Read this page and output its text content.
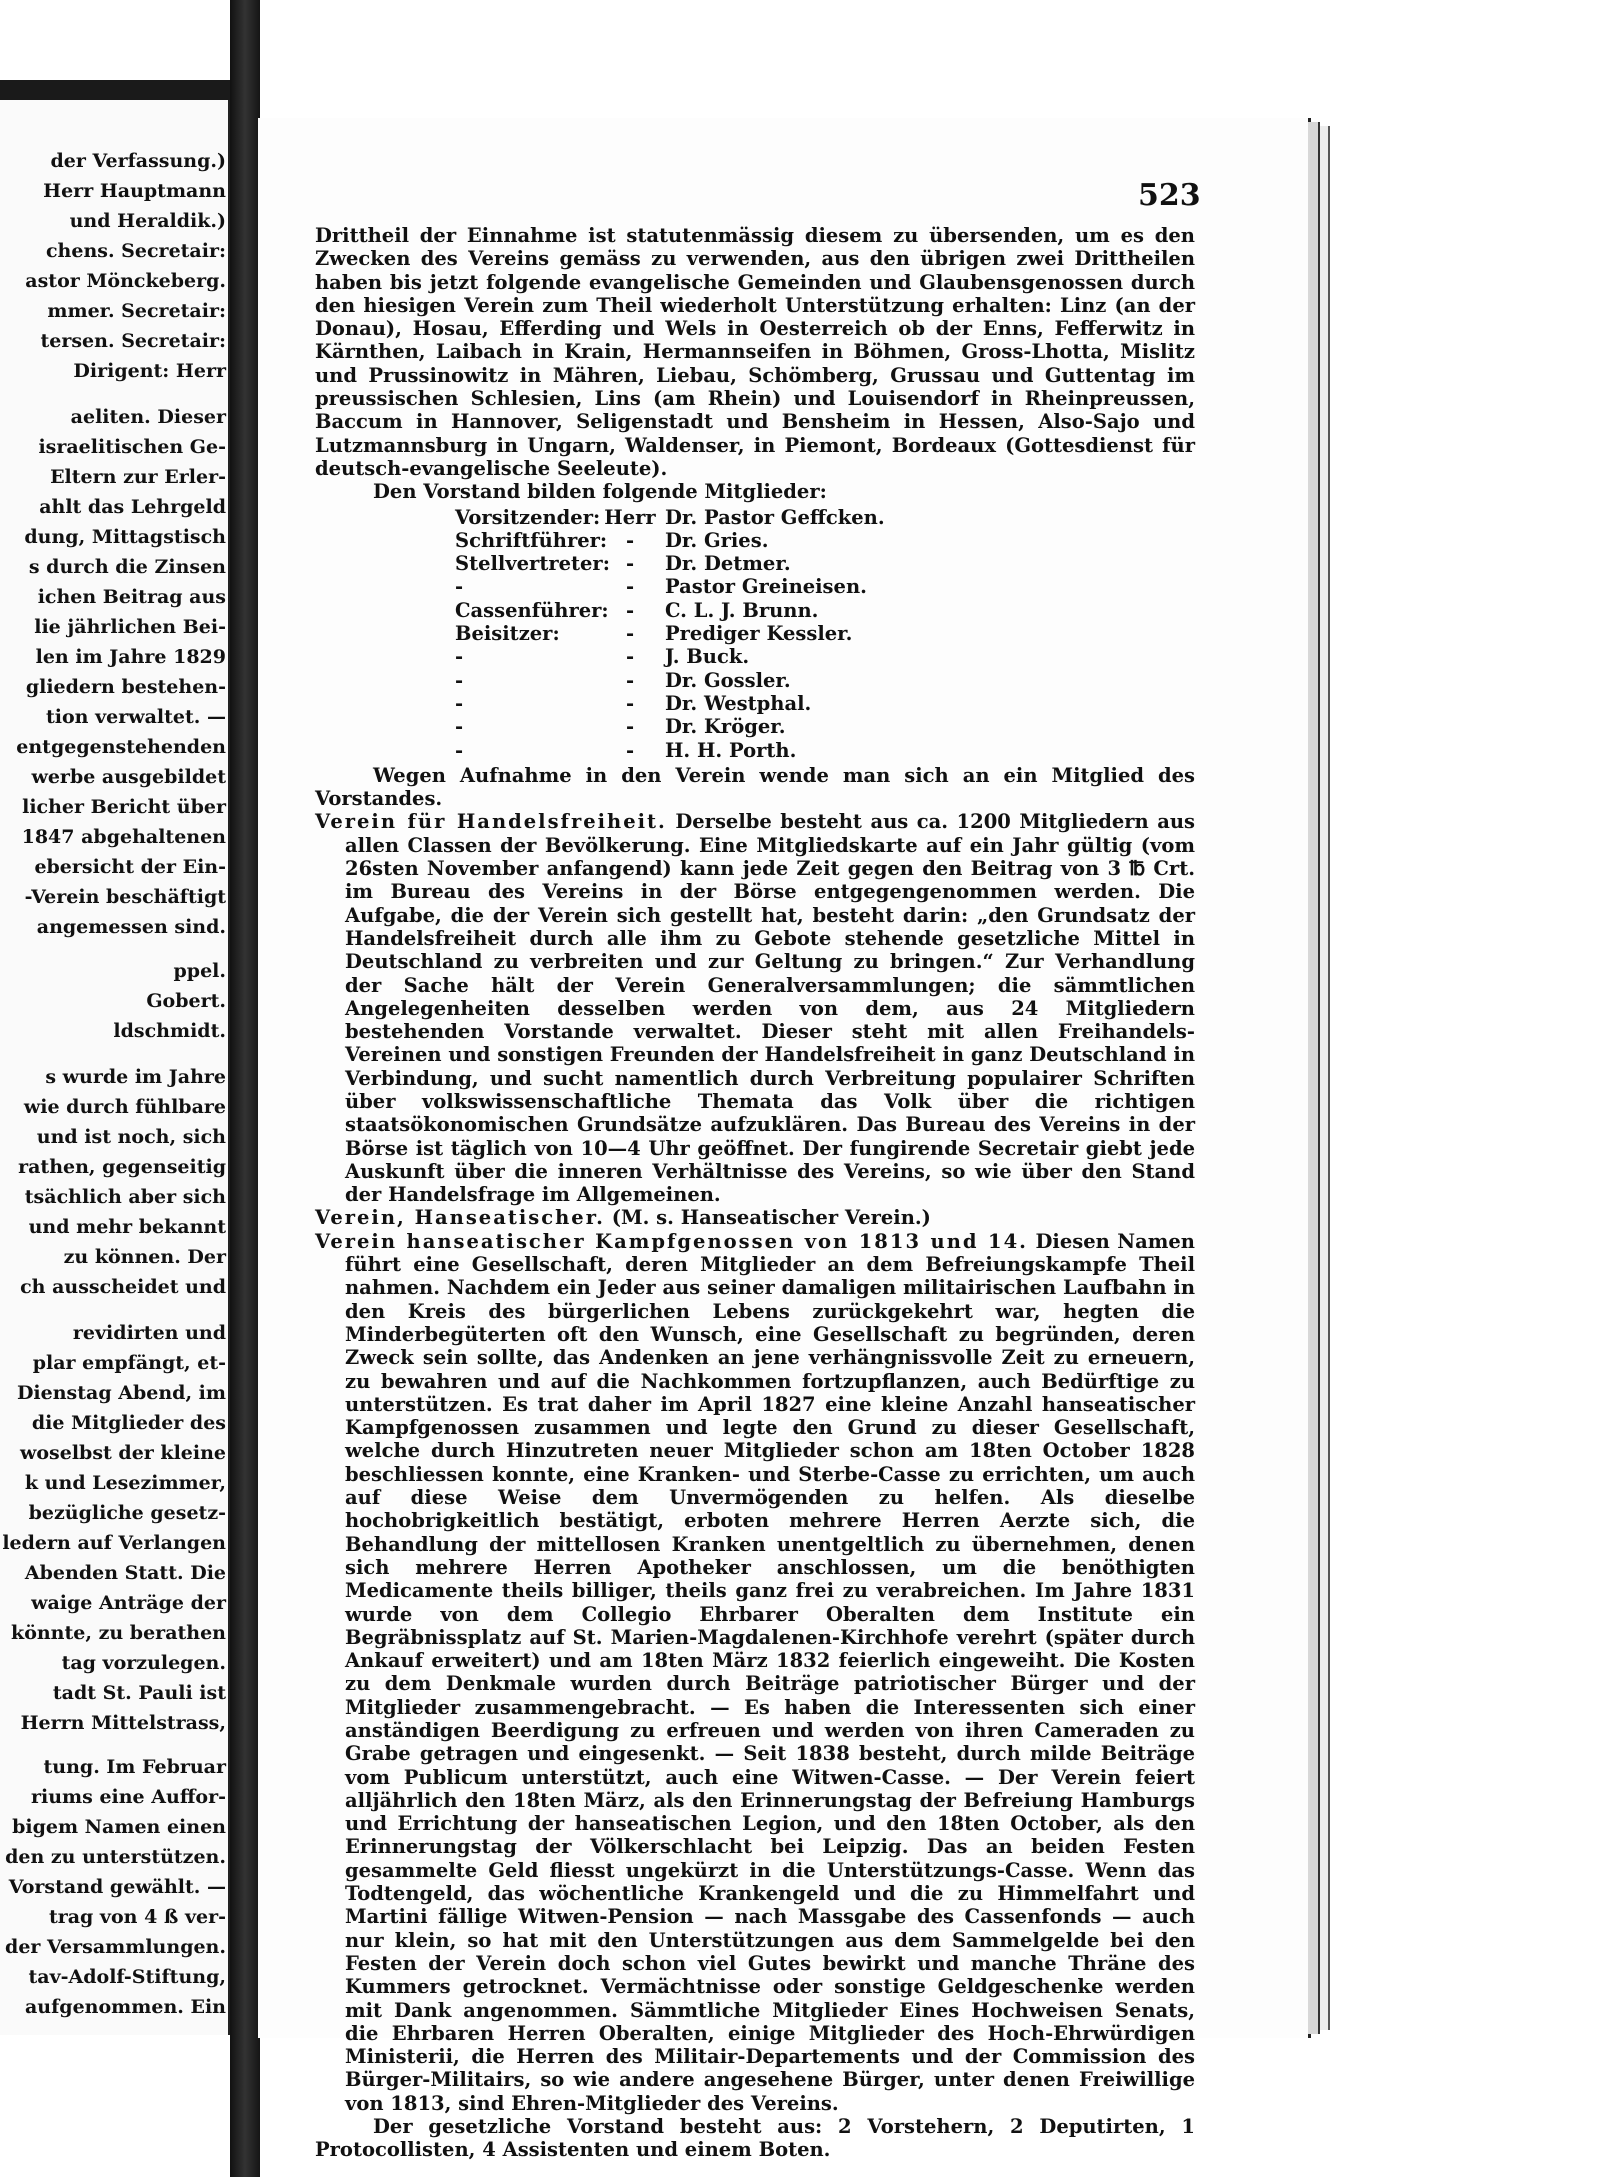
der Verfassung.)
Herr Hauptmann
und Heraldik.)
chens. Secretair:
astor Mönckeberg.
mmer. Secretair:
tersen. Secretair:
Dirigent: Herr
aeliten. Dieser
israelitischen Ge-
Eltern zur Erler-
ahlt das Lehrgeld
dung, Mittagstisch
s durch die Zinsen
ichen Beitrag aus
lie jährlichen Bei-
len im Jahre 1829
gliedern bestehen-
tion verwaltet. —
entgegenstehenden
werbe ausgebildet
licher Bericht über
1847 abgehaltenen
ebersicht der Ein-
-Verein beschäftigt
angemessen sind.
ppel.
Gobert.
ldschmidt.
s wurde im Jahre
wie durch fühlbare
und ist noch, sich
rathen, gegenseitig
tsächlich aber sich
und mehr bekannt
zu können. Der
ch ausscheidet und
revidirten und
plar empfängt, et-
Dienstag Abend, im
die Mitglieder des
woselbst der kleine
k und Lesezimmer,
bezügliche gesetz-
ledern auf Verlangen
Abenden Statt. Die
waige Anträge der
könnte, zu berathen
tag vorzulegen.
tadt St. Pauli ist
Herrn Mittelstrass,
tung. Im Februar
riums eine Auffor-
bigem Namen einen
den zu unterstützen.
Vorstand gewählt. —
trag von 4 ß ver-
der Versammlungen.
tav-Adolf-Stiftung,
aufgenommen. Ein
523

Drittheil der Einnahme ist statutenmässig diesem zu übersenden, um es den Zwecken des Vereins gemäss zu verwenden, aus den übrigen zwei Drittheilen haben bis jetzt folgende evangelische Gemeinden und Glaubensgenossen durch den hiesigen Verein zum Theil wiederholt Unterstützung erhalten: Linz (an der Donau), Hosau, Efferding und Wels in Oesterreich ob der Enns, Fefferwitz in Kärnthen, Laibach in Krain, Hermannseifen in Böhmen, Gross-Lhotta, Mislitz und Prussinowitz in Mähren, Liebau, Schömberg, Grussau und Guttentag im preussischen Schlesien, Lins (am Rhein) und Louisendorf in Rheinpreussen, Baccum in Hannover, Seligenstadt und Bensheim in Hessen, Also-Sajo und Lutzmannsburg in Ungarn, Waldenser, in Piemont, Bordeaux (Gottesdienst für deutsch-evangelische Seeleute).

Den Vorstand bilden folgende Mitglieder:

Vorsitzender: Herr Dr. Pastor Geffcken.
Schriftführer: -	Dr. Gries.
Stellvertreter: -	Dr. Detmer.
-	-	Pastor Greineisen.
Cassenführer: -	C. L. J. Brunn.
Beisitzer:	-	Prediger Kessler.
-	-	J. Buck.
-	-	Dr. Gossler.
-	-	Dr. Westphal.
-	-	Dr. Kröger.
-	-	H. H. Porth.

Wegen Aufnahme in den Verein wende man sich an ein Mitglied des Vorstandes.

Verein für Handelsfreiheit. Derselbe besteht aus ca. 1200 Mitgliedern aus allen Classen der Bevölkerung. Eine Mitgliedskarte auf ein Jahr gültig (vom 26sten November anfangend) kann jede Zeit gegen den Beitrag von 3 ℔ Crt. im Bureau des Vereins in der Börse entgegengenommen werden. Die Aufgabe, die der Verein sich gestellt hat, besteht darin: „den Grundsatz der Handelsfreiheit durch alle ihm zu Gebote stehende gesetzliche Mittel in Deutschland zu verbreiten und zur Geltung zu bringen.“ Zur Verhandlung der Sache hält der Verein Generalversammlungen; die sämmtlichen Angelegenheiten desselben werden von dem, aus 24 Mitgliedern bestehenden Vorstande verwaltet. Dieser steht mit allen Freihandels-Vereinen und sonstigen Freunden der Handelsfreiheit in ganz Deutschland in Verbindung, und sucht namentlich durch Verbreitung populairer Schriften über volkswissenschaftliche Themata das Volk über die richtigen staatsökonomischen Grundsätze aufzuklären. Das Bureau des Vereins in der Börse ist täglich von 10—4 Uhr geöffnet. Der fungirende Secretair giebt jede Auskunft über die inneren Verhältnisse des Vereins, so wie über den Stand der Handelsfrage im Allgemeinen.

Verein, Hanseatischer. (M. s. Hanseatischer Verein.)

Verein hanseatischer Kampfgenossen von 1813 und 14. Diesen Namen führt eine Gesellschaft, deren Mitglieder an dem Befreiungskampfe Theil nahmen. Nachdem ein Jeder aus seiner damaligen militairischen Laufbahn in den Kreis des bürgerlichen Lebens zurückgekehrt war, hegten die Minderbegüterten oft den Wunsch, eine Gesellschaft zu begründen, deren Zweck sein sollte, das Andenken an jene verhängnissvolle Zeit zu erneuern, zu bewahren und auf die Nachkommen fortzupflanzen, auch Bedürftige zu unterstützen. Es trat daher im April 1827 eine kleine Anzahl hanseatischer Kampfgenossen zusammen und legte den Grund zu dieser Gesellschaft, welche durch Hinzutreten neuer Mitglieder schon am 18ten October 1828 beschliessen konnte, eine Kranken- und Sterbe-Casse zu errichten, um auch auf diese Weise dem Unvermögenden zu helfen. Als dieselbe hochobrigkeitlich bestätigt, erboten mehrere Herren Aerzte sich, die Behandlung der mittellosen Kranken unentgeltlich zu übernehmen, denen sich mehrere Herren Apotheker anschlossen, um die benöthigten Medicamente theils billiger, theils ganz frei zu verabreichen. Im Jahre 1831 wurde von dem Collegio Ehrbarer Oberalten dem Institute ein Begräbnissplatz auf St. Marien-Magdalenen-Kirchhofe verehrt (später durch Ankauf erweitert) und am 18ten März 1832 feierlich eingeweiht. Die Kosten zu dem Denkmale wurden durch Beiträge patriotischer Bürger und der Mitglieder zusammengebracht. — Es haben die Interessenten sich einer anständigen Beerdigung zu erfreuen und werden von ihren Cameraden zu Grabe getragen und eingesenkt. — Seit 1838 besteht, durch milde Beiträge vom Publicum unterstützt, auch eine Witwen-Casse. — Der Verein feiert alljährlich den 18ten März, als den Erinnerungstag der Befreiung Hamburgs und Errichtung der hanseatischen Legion, und den 18ten October, als den Erinnerungstag der Völkerschlacht bei Leipzig. Das an beiden Festen gesammelte Geld fliesst ungekürzt in die Unterstützungs-Casse. Wenn das Todtengeld, das wöchentliche Krankengeld und die zu Himmelfahrt und Martini fällige Witwen-Pension — nach Massgabe des Cassenfonds — auch nur klein, so hat mit den Unterstützungen aus dem Sammelgelde bei den Festen der Verein doch schon viel Gutes bewirkt und manche Thräne des Kummers getrocknet. Vermächtnisse oder sonstige Geldgeschenke werden mit Dank angenommen. Sämmtliche Mitglieder Eines Hochweisen Senats, die Ehrbaren Herren Oberalten, einige Mitglieder des Hoch-Ehrwürdigen Ministerii, die Herren des Militair-Departements und der Commission des Bürger-Militairs, so wie andere angesehene Bürger, unter denen Freiwillige von 1813, sind Ehren-Mitglieder des Vereins.

Der gesetzliche Vorstand besteht aus: 2 Vorstehern, 2 Deputirten, 1 Protocollisten, 4 Assistenten und einem Boten.
